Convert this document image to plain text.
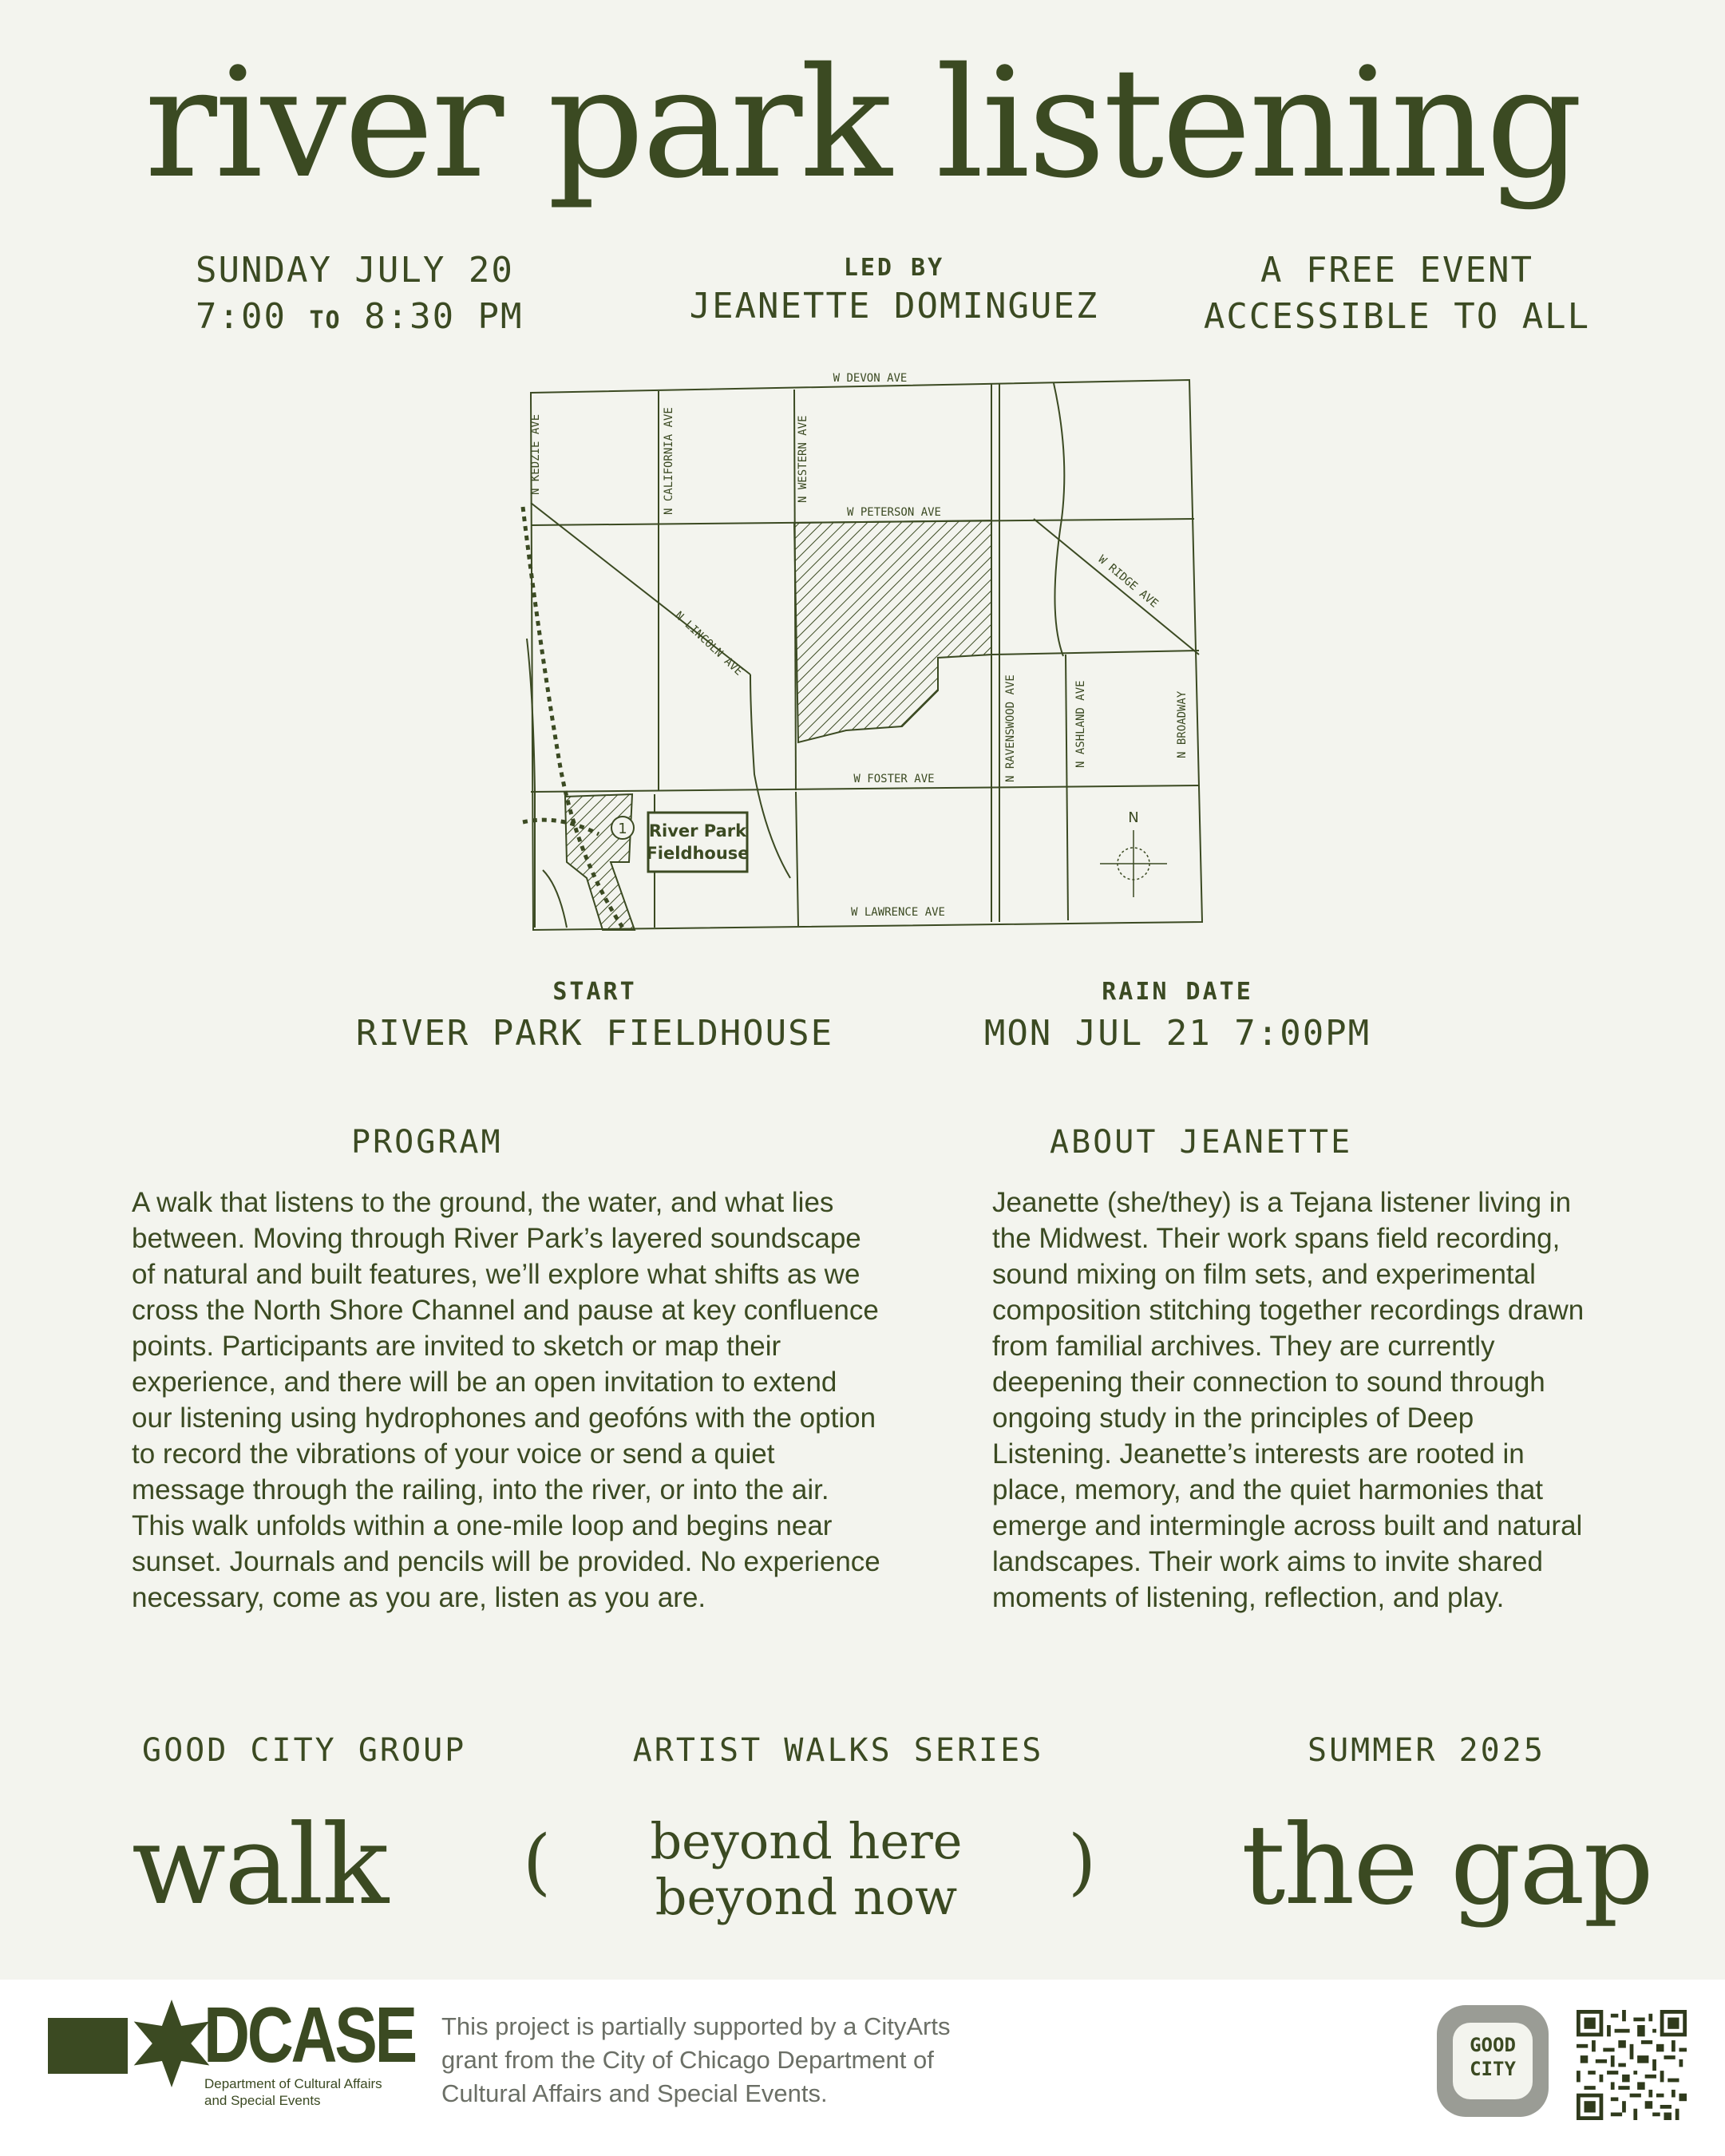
river park listening
SUNDAY JULY 20
7:00 TO 8:30 PM
LED BY
JEANETTE DOMINGUEZ
A FREE EVENT
ACCESSIBLE TO ALL
1 River Park
Fieldhouse
W DEVON AVE
W PETERSON AVE
W FOSTER AVE
W LAWRENCE AVE
N KEDZIE AVE	N CALIFORNIA AVE	N WESTERN AVE
N LINCOLN AVE
W RIDGE AVE
N RAVENSWOOD AVE	N ASHLAND AVE	N BROADWAY
N
START
RIVER PARK FIELDHOUSE
RAIN DATE
MON JUL 21 7:00PM
PROGRAM
A walk that listens to the ground, the water, and what lies
between. Moving through River Park’s layered soundscape
of natural and built features, we’ll explore what shifts as we
cross the North Shore Channel and pause at key confluence
points. Participants are invited to sketch or map their
experience, and there will be an open invitation to extend
our listening using hydrophones and geofóns with the option
to record the vibrations of your voice or send a quiet
message through the railing, into the river, or into the air.
This walk unfolds within a one-mile loop and begins near
sunset. Journals and pencils will be provided. No experience
necessary, come as you are, listen as you are.
ABOUT JEANETTE
Jeanette (she/they) is a Tejana listener living in
the Midwest. Their work spans field recording,
sound mixing on film sets, and experimental
composition stitching together recordings drawn
from familial archives. They are currently
deepening their connection to sound through
ongoing study in the principles of Deep
Listening. Jeanette’s interests are rooted in
place, memory, and the quiet harmonies that
emerge and intermingle across built and natural
landscapes. Their work aims to invite shared
moments of listening, reflection, and play.
GOOD CITY GROUP	ARTIST WALKS SERIES	SUMMER 2025
walk ( beyond here
beyond now ) the gap
DCASE
Department of Cultural Affairs
and Special Events
This project is partially supported by a CityArts
grant from the City of Chicago Department of
Cultural Affairs and Special Events.
GOOD
CITY
